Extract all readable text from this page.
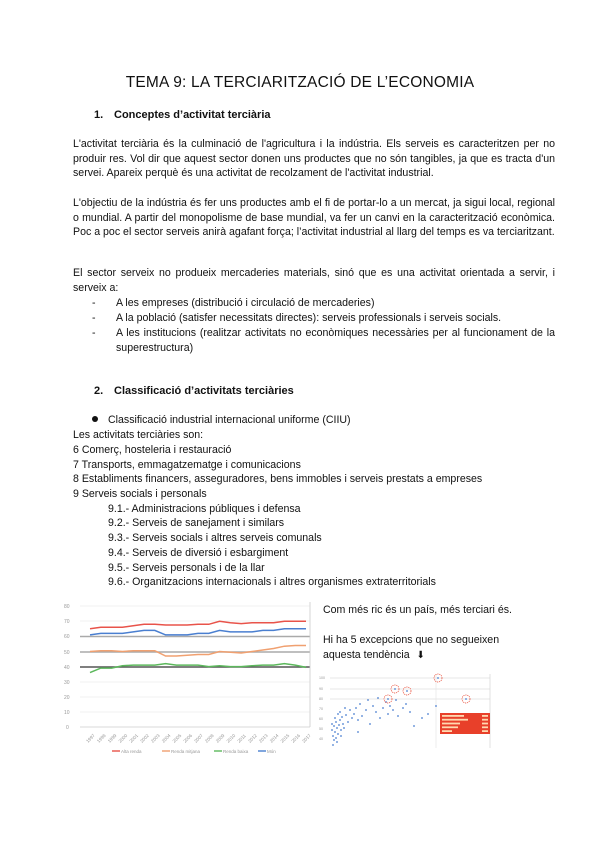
TEMA 9: LA TERCIARITZACIÓ DE L’ECONOMIA
1. Conceptes d’activitat terciària

L'activitat terciària és la culminació de l'agricultura i la indústria. Els serveis es caracteritzen per no produir res. Vol dir que aquest sector donen uns productes que no són tangibles, ja que es tracta d'un servei. Apareix perquè és una activitat de recolzament de l'activitat industrial.

L'objectiu de la indústria és fer uns productes amb el fi de portar-lo a un mercat, ja sigui local, regional o mundial. A partir del monopolisme de base mundial, va fer un canvi en la caracterització econòmica. Poc a poc el sector serveis anirà agafant força; l’activitat industrial al llarg del temps es va terciaritzant.

El sector serveix no produeix mercaderies materials, sinó que es una activitat orientada a servir, i serveix a:

- A les empreses (distribució i circulació de mercaderies)
- A la població (satisfer necessitats directes): serveis professionals i serveis socials.
- A les institucions (realitzar activitats no econòmiques necessàries per al funcionament de la superestructura)
2. Classificació d’activitats terciàries
Classificació industrial internacional uniforme (CIIU)
Les activitats terciàries son:
6 Comerç, hosteleria i restauració
7 Transports, emmagatzematge i comunicacions
8 Establiments financers, asseguradores, bens immobles i serveis prestats a empreses
9 Serveis socials i personals
9.1.- Administracions públiques i defensa
9.2.- Serveis de sanejament i similars
9.3.- Serveis socials i altres serveis comunals
9.4.- Serveis de diversió i esbargiment
9.5.- Serveis personals i de la llar
9.6.- Organitzacions internacionals i altres organismes extraterritorials
80
70
60
50
40
30
20
10
0
1997 1998 1999 2000 2001 2002 2003 2004 2005 2006 2007 2008 2009 2010 2011 2012 2013 2014 2015 2016 2017
Alta renda	Renda mitjana	Renda baixa	Món
Com més ric és un país, més terciari és.
Hi ha 5 excepcions que no segueixen
aquesta tendència ⬇
100
90
80
70
60
50
40
